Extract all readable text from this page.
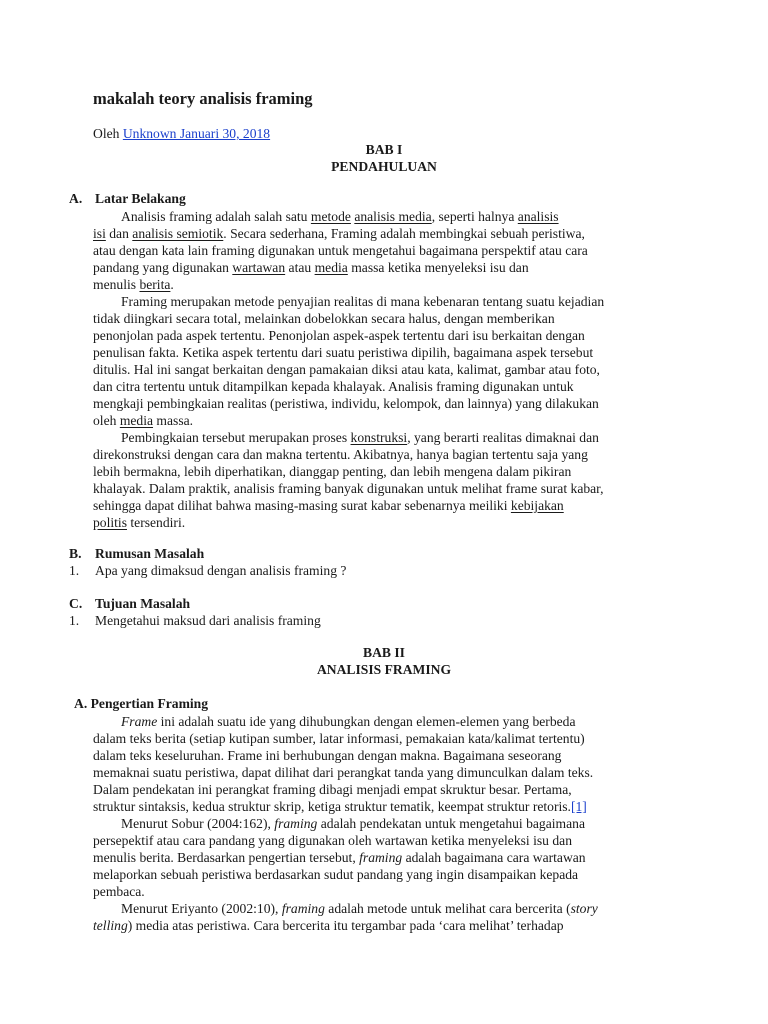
makalah teory analisis framing
Oleh Unknown Januari 30, 2018
BAB I
PENDAHULUAN
A. Latar Belakang
Analisis framing adalah salah satu metode analisis media, seperti halnya analisis
isi dan analisis semiotik. Secara sederhana, Framing adalah membingkai sebuah peristiwa,
atau dengan kata lain framing digunakan untuk mengetahui bagaimana perspektif atau cara
pandang yang digunakan wartawan atau media massa ketika menyeleksi isu dan
menulis berita.
Framing merupakan metode penyajian realitas di mana kebenaran tentang suatu kejadian
tidak diingkari secara total, melainkan dobelokkan secara halus, dengan memberikan
penonjolan pada aspek tertentu. Penonjolan aspek-aspek tertentu dari isu berkaitan dengan
penulisan fakta. Ketika aspek tertentu dari suatu peristiwa dipilih, bagaimana aspek tersebut
ditulis. Hal ini sangat berkaitan dengan pamakaian diksi atau kata, kalimat, gambar atau foto,
dan citra tertentu untuk ditampilkan kepada khalayak. Analisis framing digunakan untuk
mengkaji pembingkaian realitas (peristiwa, individu, kelompok, dan lainnya) yang dilakukan
oleh media massa.
Pembingkaian tersebut merupakan proses konstruksi, yang berarti realitas dimaknai dan
direkonstruksi dengan cara dan makna tertentu. Akibatnya, hanya bagian tertentu saja yang
lebih bermakna, lebih diperhatikan, dianggap penting, dan lebih mengena dalam pikiran
khalayak. Dalam praktik, analisis framing banyak digunakan untuk melihat frame surat kabar,
sehingga dapat dilihat bahwa masing-masing surat kabar sebenarnya meiliki kebijakan
politis tersendiri.
B. Rumusan Masalah
1. Apa yang dimaksud dengan analisis framing ?
C. Tujuan Masalah
1. Mengetahui maksud dari analisis framing
BAB II
ANALISIS FRAMING
A. Pengertian Framing
Frame ini adalah suatu ide yang dihubungkan dengan elemen-elemen yang berbeda
dalam teks berita (setiap kutipan sumber, latar informasi, pemakaian kata/kalimat tertentu)
dalam teks keseluruhan. Frame ini berhubungan dengan makna. Bagaimana seseorang
memaknai suatu peristiwa, dapat dilihat dari perangkat tanda yang dimunculkan dalam teks.
Dalam pendekatan ini perangkat framing dibagi menjadi empat skruktur besar. Pertama,
struktur sintaksis, kedua struktur skrip, ketiga struktur tematik, keempat struktur retoris.[1]
Menurut Sobur (2004:162), framing adalah pendekatan untuk mengetahui bagaimana
persepektif atau cara pandang yang digunakan oleh wartawan ketika menyeleksi isu dan
menulis berita. Berdasarkan pengertian tersebut, framing adalah bagaimana cara wartawan
melaporkan sebuah peristiwa berdasarkan sudut pandang yang ingin disampaikan kepada
pembaca.
Menurut Eriyanto (2002:10), framing adalah metode untuk melihat cara bercerita (story
telling) media atas peristiwa. Cara bercerita itu tergambar pada ‘cara melihat’ terhadap
